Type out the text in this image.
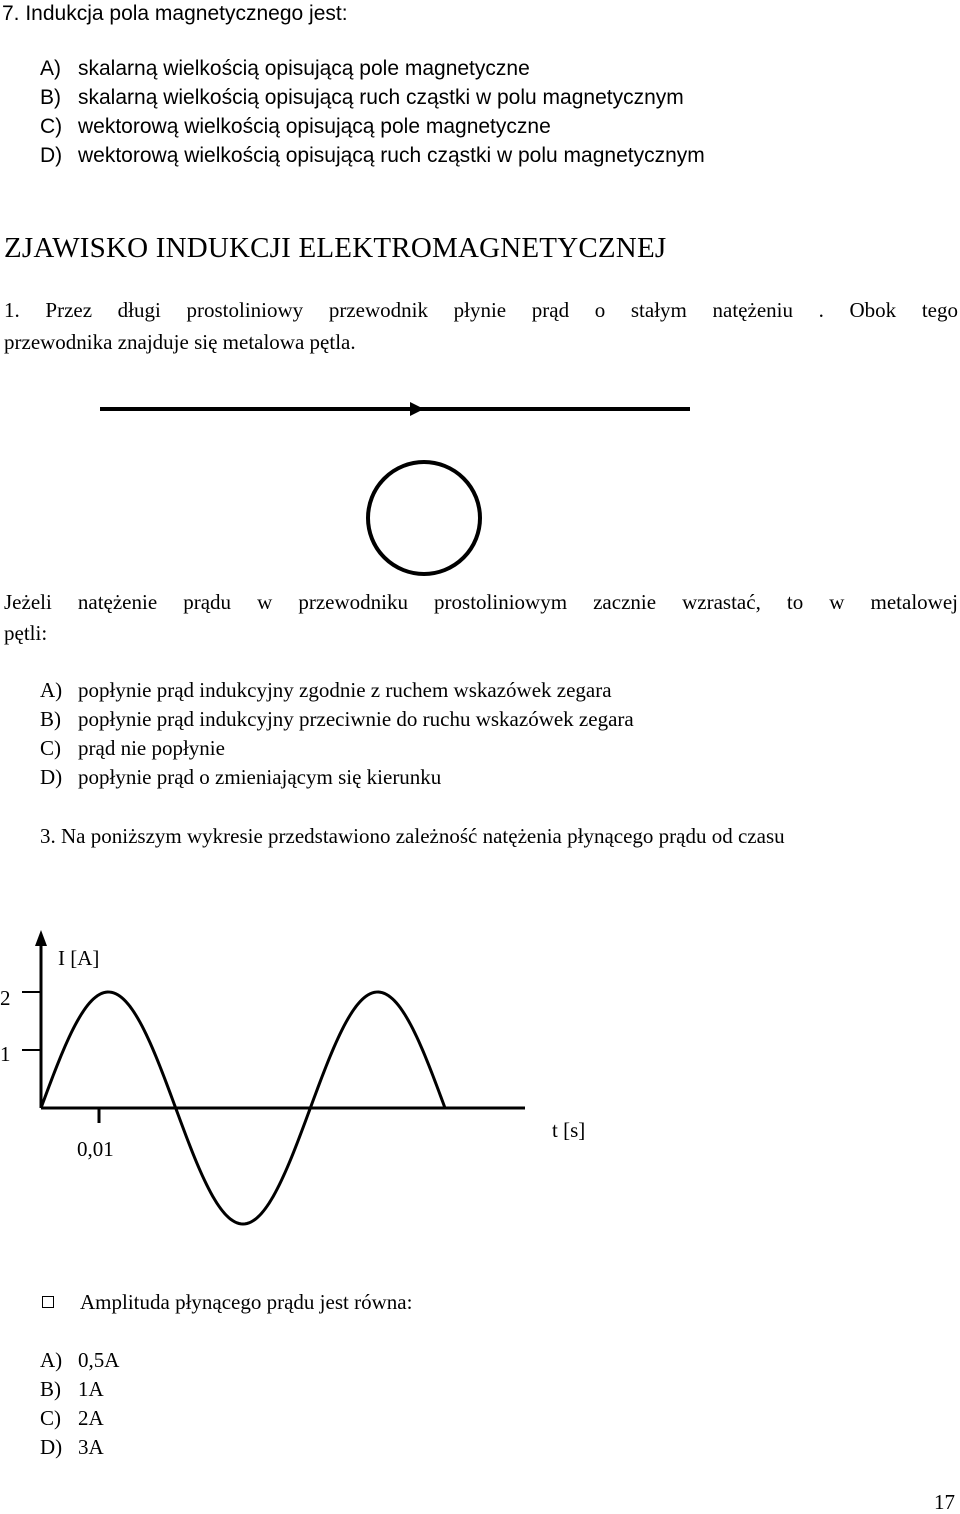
7. Indukcja pola magnetycznego jest:
A) skalarną wielkością opisującą pole magnetyczne
B) skalarną wielkością opisującą ruch cząstki w polu magnetycznym
C) wektorową wielkością opisującą pole magnetyczne
D) wektorową wielkością opisującą ruch cząstki w polu magnetycznym
ZJAWISKO INDUKCJI ELEKTROMAGNETYCZNEJ
1. Przez długi prostoliniowy przewodnik płynie prąd o stałym natężeniu . Obok tego
przewodnika znajduje się metalowa pętla.
Jeżeli natężenie prądu w przewodniku prostoliniowym zacznie wzrastać, to w metalowej
pętli:
A) popłynie prąd indukcyjny zgodnie z ruchem wskazówek zegara
B) popłynie prąd indukcyjny przeciwnie do ruchu wskazówek zegara
C) prąd nie popłynie
D) popłynie prąd o zmieniającym się kierunku
3. Na poniższym wykresie przedstawiono zależność natężenia płynącego prądu od czasu
I [A]
2
1
0,01
t [s]
Amplituda płynącego prądu jest równa:
A) 0,5A
B) 1A
C) 2A
D) 3A
17
